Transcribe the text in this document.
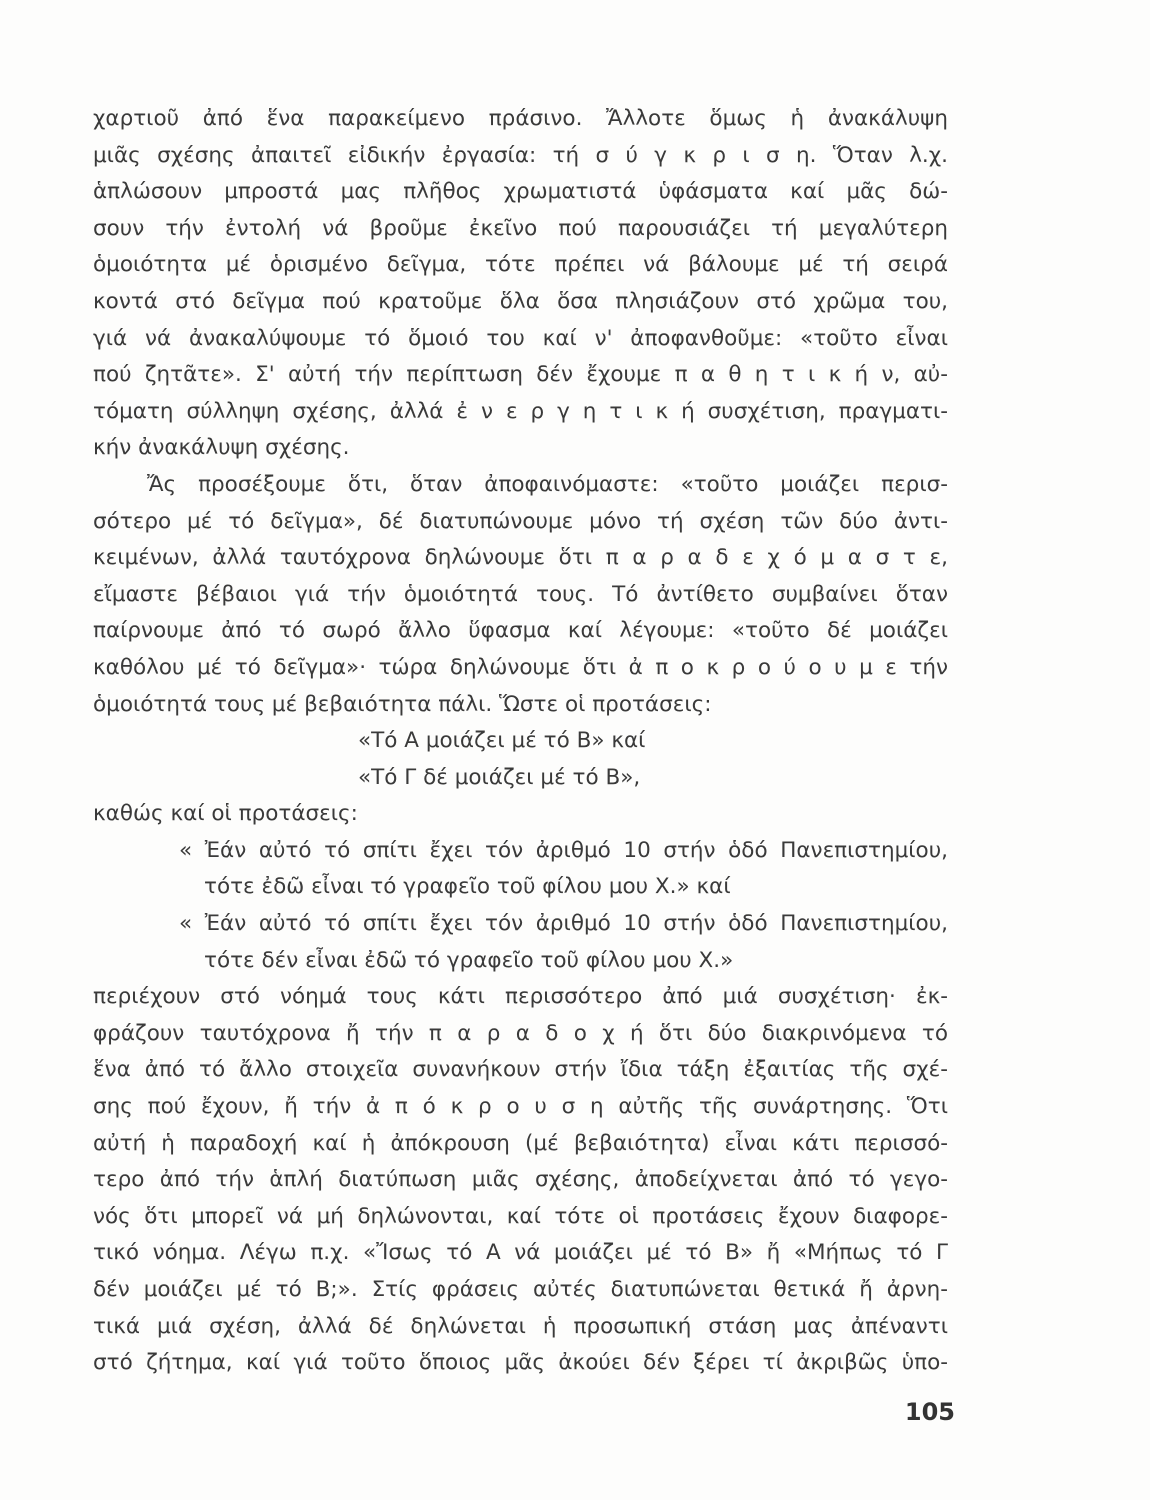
χαρτιοῦ ἀπό ἕνα παρακείμενο πράσινο. Ἄλλοτε ὅμως ἡ ἀνακάλυψη
μιᾶς σχέσης ἀπαιτεῖ εἰδικήν ἐργασία: τή σ ύ γ κ ρ ι σ η. Ὅταν λ.χ.
ἁπλώσουν μπροστά μας πλῆθος χρωματιστά ὑφάσματα καί μᾶς δώ-
σουν τήν ἐντολή νά βροῦμε ἐκεῖνο πού παρουσιάζει τή μεγαλύτερη
ὁμοιότητα μέ ὁρισμένο δεῖγμα, τότε πρέπει νά βάλουμε μέ τή σειρά
κοντά στό δεῖγμα πού κρατοῦμε ὅλα ὅσα πλησιάζουν στό χρῶμα του,
γιά νά ἀνακαλύψουμε τό ὅμοιό του καί ν' ἀποφανθοῦμε: «τοῦτο εἶναι
πού ζητᾶτε». Σ' αὐτή τήν περίπτωση δέν ἔχουμε π α θ η τ ι κ ή ν, αὐ-
τόματη σύλληψη σχέσης, ἀλλά ἐ ν ε ρ γ η τ ι κ ή συσχέτιση, πραγματι-
κήν ἀνακάλυψη σχέσης.
Ἄς προσέξουμε ὅτι, ὅταν ἀποφαινόμαστε: «τοῦτο μοιάζει περισ-
σότερο μέ τό δεῖγμα», δέ διατυπώνουμε μόνο τή σχέση τῶν δύο ἀντι-
κειμένων, ἀλλά ταυτόχρονα δηλώνουμε ὅτι π α ρ α δ ε χ ό μ α σ τ ε,
εἴμαστε βέβαιοι γιά τήν ὁμοιότητά τους. Τό ἀντίθετο συμβαίνει ὅταν
παίρνουμε ἀπό τό σωρό ἄλλο ὕφασμα καί λέγουμε: «τοῦτο δέ μοιάζει
καθόλου μέ τό δεῖγμα»· τώρα δηλώνουμε ὅτι ἀ π ο κ ρ ο ύ ο υ μ ε τήν
ὁμοιότητά τους μέ βεβαιότητα πάλι. Ὥστε οἱ προτάσεις:
«Τό Α μοιάζει μέ τό Β» καί
«Τό Γ δέ μοιάζει μέ τό Β»,
καθώς καί οἱ προτάσεις:
« Ἐάν αὐτό τό σπίτι ἔχει τόν ἀριθμό 10 στήν ὁδό Πανεπιστημίου,
τότε ἐδῶ εἶναι τό γραφεῖο τοῦ φίλου μου Χ.» καί
« Ἐάν αὐτό τό σπίτι ἔχει τόν ἀριθμό 10 στήν ὁδό Πανεπιστημίου,
τότε δέν εἶναι ἐδῶ τό γραφεῖο τοῦ φίλου μου Χ.»
περιέχουν στό νόημά τους κάτι περισσότερο ἀπό μιά συσχέτιση· ἐκ-
φράζουν ταυτόχρονα ἤ τήν π α ρ α δ ο χ ή ὅτι δύο διακρινόμενα τό
ἕνα ἀπό τό ἄλλο στοιχεῖα συνανήκουν στήν ἴδια τάξη ἐξαιτίας τῆς σχέ-
σης πού ἔχουν, ἤ τήν ἀ π ό κ ρ ο υ σ η αὐτῆς τῆς συνάρτησης. Ὅτι
αὐτή ἡ παραδοχή καί ἡ ἀπόκρουση (μέ βεβαιότητα) εἶναι κάτι περισσό-
τερο ἀπό τήν ἁπλή διατύπωση μιᾶς σχέσης, ἀποδείχνεται ἀπό τό γεγο-
νός ὅτι μπορεῖ νά μή δηλώνονται, καί τότε οἱ προτάσεις ἔχουν διαφορε-
τικό νόημα. Λέγω π.χ. «Ἴσως τό Α νά μοιάζει μέ τό Β» ἤ «Μήπως τό Γ
δέν μοιάζει μέ τό Β;». Στίς φράσεις αὐτές διατυπώνεται θετικά ἤ ἀρνη-
τικά μιά σχέση, ἀλλά δέ δηλώνεται ἡ προσωπική στάση μας ἀπέναντι
στό ζήτημα, καί γιά τοῦτο ὅποιος μᾶς ἀκούει δέν ξέρει τί ἀκριβῶς ὑπο-
105
